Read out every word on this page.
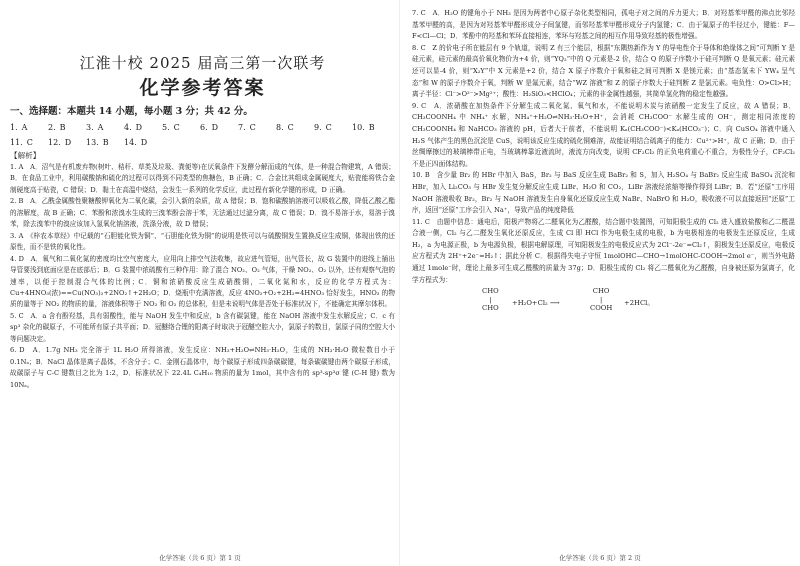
江淮十校 2025 届高三第一次联考
化学参考答案
一、选择题：本题共 14 小题，每小题 3 分；共 42 分。
1. A	2. B	3. A	4. D	5. C	6. D	7. C	8. C	9. C	10. B
11. C	12. D	13. B	14. D
【解析】

1. A　A．沼气是有机废弃物(树叶、秸秆、草类及垃圾、粪便等)在厌氧条件下发酵分解而成的气体，是一种混合物建筑，A 错误；B．在食品工业中，利用碳酸钠和硫化的过程可以得到不同类型的焦糖色，B 正确；C．合金比其组成金属硬度大，贴瓷能将铁合金制硬度高于贴瓷，C 错误；D．黏土在高温中烧结，会发生一系列的化学反应，此过程有新化学键的形成，D 正确。

2. B　A．乙酰金属酸性聚糖酸钾氧化为二氧化碳，会引入新的杂质，故 A 错误；B．饱和碳酸钠溶液可以吸收乙酸，降低乙酸乙酯的溶解度，故 B 正确；C．苯酚和浓溴水生成的三溴苯酚会溶于苯，无法通过过滤分离，故 C 错误；D．溴不易溶于水，易溶于溴苯，除去溴苯中的溴应该加入氢氧化钠溶液，洗涤分液，故 D 错误；

3. A　《梓农本草经》中记载的“石胆能化铁为铜”、“石胆能化铁为铜”的说明是铁可以与硫酸铜发生置换反应生成铜，体现出铁的还原性，而不是铁的氧化性。

4. D　A．氧气和二氧化氮的密度均比空气密度大，应用向上排空气法收集，故应进气管短，出气管长，故 G 装置中的进线上插出导管要浅到底面应是在底部后；B．G 装置中浓硫酸有三种作用：除了混合 NO₂、O₂ 气体，干燥 NO₂、O₂ 以外，还有观察气泡的速率，以便于控制混合气体的比例；C．铜和浓硝酸反应生成硝酸铜，二氧化氮和水，反应的化学方程式为：Cu+4HNO₃(浓)==Cu(NO₃)₂+2NO₂↑+2H₂O；D．烧瓶中充满溶液，反应 4NO₂+O₂+2H₂=4HNO₃ 恰好发生，HNO₃ 的物质的量等于 NO₂ 的物质的量，溶液体积等于 NO₂ 和 O₂ 的总体积，但是未说明气体是否处于标准状况下，不能确定其摩尔体积。

5. C　A．a 含有酚羟基，具有弱酸性，能与 NaOH 发生中和反应，b 含有碳氯键，能在 NaOH 溶液中发生水解反应；C．c 有 sp³ 杂化的碳原子，不可能所有原子共平面；D．冠醚络合锂的阳离子时取决于冠醚空腔大小，氯原子的数目，氯原子同的空腔大小等问题决定。

6. D　A．1.7g NH₃ 完全溶于 1L H₂O 所得溶液，发生反应：NH₃+H₂O⇌NH₃·H₂O，生成的 NH₃·H₂O 微粒数目小于 0.1Nₐ；B．NaCl 晶体是离子晶体，不含分子；C．金刚石晶体中，每个碳原子形成四条碳碳键，每条碳碳键由两个碳原子形成，故碳原子与 C-C 键数目之比为 1:2，D．标准状况下 22.4L C₄H₁₀ 物质的量为 1mol，其中含有的 sp³-sp³σ 键 (C-H 键) 数为 10Nₐ。

化学答案（共 6 页）第 1 页

7. C　A．H₂O 的键角小于 NH₃ 是因为两者中心原子杂化类型相同，孤电子对之间的斥力更大；B．对羟基苯甲醛的沸点比邻羟基苯甲醛的高，是因为对羟基苯甲醛形成分子间氢键，而邻羟基苯甲醛形成分子内氢键；C．由于氟原子的半径过小，键能：F—F<Cl—Cl；D．苯酚中的羟基和苯环直接相连，苯环与羟基之间的相互作用导致羟基的极性增强。

8. C　Z 的价电子所在能层有 9 个轨道，说明 Z 有三个能层，根据“东隅热新作为 Y 的导电性介于导体和绝缘体之间”可判断 Y 是硅元素，硅元素的最高价氧化物价为+4 价，则“YQ₂”中的 Q 元素是-2 价，结合 Q 的原子序数小于硅可判断 Q 是氧元素；硅元素还可以显-4 价，则“X₂Y”中 X 元素是+2 价，结合 X 原子序数介于氧和硅之间可判断 X 是镁元素；由“基态氢未下 YW₄ 呈气态”和 W 的原子序数介于氧，判断 W 是氟元素，结合“WZ 溶液”和 Z 的原子序数大于硅判断 Z 是氯元素。电负性：O>Cl>H；离子半径：Cl⁻>O²⁻>Mg²⁺；酸性：H₂SiO₃<HClO₄；元素的非金属性越强，其简单氢化物的稳定性越强。

9. C　A．浓硝酸在加热条件下分解生成二氧化氮、氧气和水，不能说明木炭与浓硝酸一定发生了反应，故 A 错误；B．CH₃COONH₄ 中 NH₄⁺ 水解，NH₄⁺+H₂O⇌NH₃·H₂O+H⁺，会消耗 CH₃COO⁻ 水解生成的 OH⁻，测定相同浓度的 CH₃COONH₄ 和 NaHCO₃ 溶液的 pH，后者大于前者，不能说明 Kₐ(CH₃COO⁻)<Kₐ(HCO₃⁻)；C．向 CuSO₄ 溶液中通入 H₂S 气体产生的黑色沉淀是 CuS，说明该反应生成的硫化铜难溶，故能证明结合硫离子的能力：Cu²⁺>H⁺，故 C 正确；D．由于丝绸摩擦过的玻璃棒带正电，当玻璃棒靠近液流时，液流方向改变，说明 CF₂Cl₂ 的正负电荷重心不重合，为极性分子，CF₂Cl₂ 不是正四面体结构。

10. B　含少量 Br₂ 的 HBr 中加入 BaS，Br₂ 与 BaS 反应生成 BaBr₂ 和 S，加入 H₂SO₄ 与 BaBr₂ 反应生成 BaSO₄ 沉淀和 HBr，加入 Li₂CO₃ 与 HBr 发生复分解反应生成 LiBr、H₂O 和 CO₂，LiBr 溶液经浓缩等操作得到 LiBr；B．若“还原”工序用 NaOH 溶液吸收 Br₂，Br₂ 与 NaOH 溶液发生自身氧化还原反应生成 NaBr、NaBrO 和 H₂O，吸收液不可以直接返回“还原”工序，返回“还原”工序会引入 Na⁺，导致产品的纯度降低

11. C　由题中信息：通电后，阳极产物将乙二醛氧化为乙醛酸，结合题中装置图，可知阳极生成的 Cl₂ 进入盛放盐酸和乙二醛混合液一侧，Cl₂ 与乙二醛发生氧化还原反应，生成 Cl 即 HCl 作为电极生成的电极，b 为电极相连的电极发生还原反应，生成 H₂，a 为电源正极，b 为电源负极，根据电解原理，可知阳极发生的电极反应式为 2Cl⁻-2e⁻=Cl₂↑，阴极发生还原反应，电极反应方程式为 2H⁺+2e⁻=H₂↑；据此分析 C．根据得失电子守恒 1molOHC—CHO→1molOHC-COOH→2mol e⁻，则当外电路通过 1mole⁻时，理论上最多可生成乙醛酸的质量为 37g；D．阳极生成的 Cl₂ 将乙二醛氧化为乙醛酸，自身被还原为氯离子，化学方程式为：

CHO
|
CHO
+H₂O+Cl₂ ⟶
CHO
|
COOH
+2HCl。
化学答案（共 6 页）第 2 页
